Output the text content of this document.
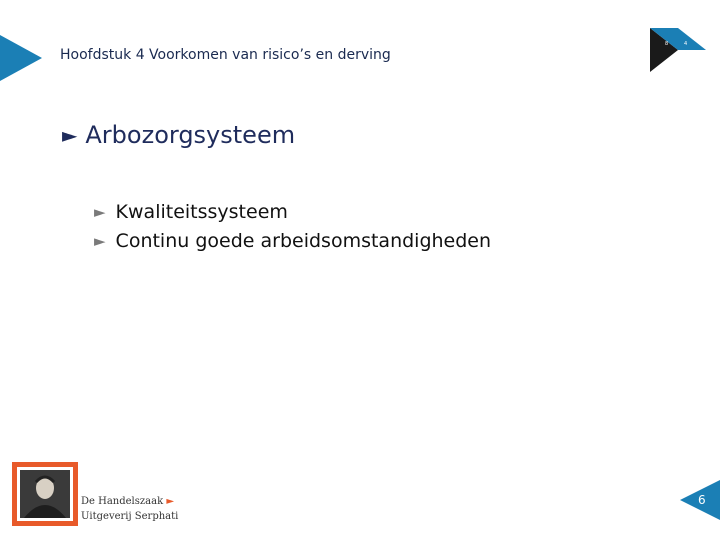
Hoofdstuk 4 Voorkomen van risico’s en derving
8	4
► Arbozorgsysteem
► Kwaliteitssysteem
► Continu goede arbeidsomstandigheden
De Handelszaak ►
Uitgeverij Serphati
6
